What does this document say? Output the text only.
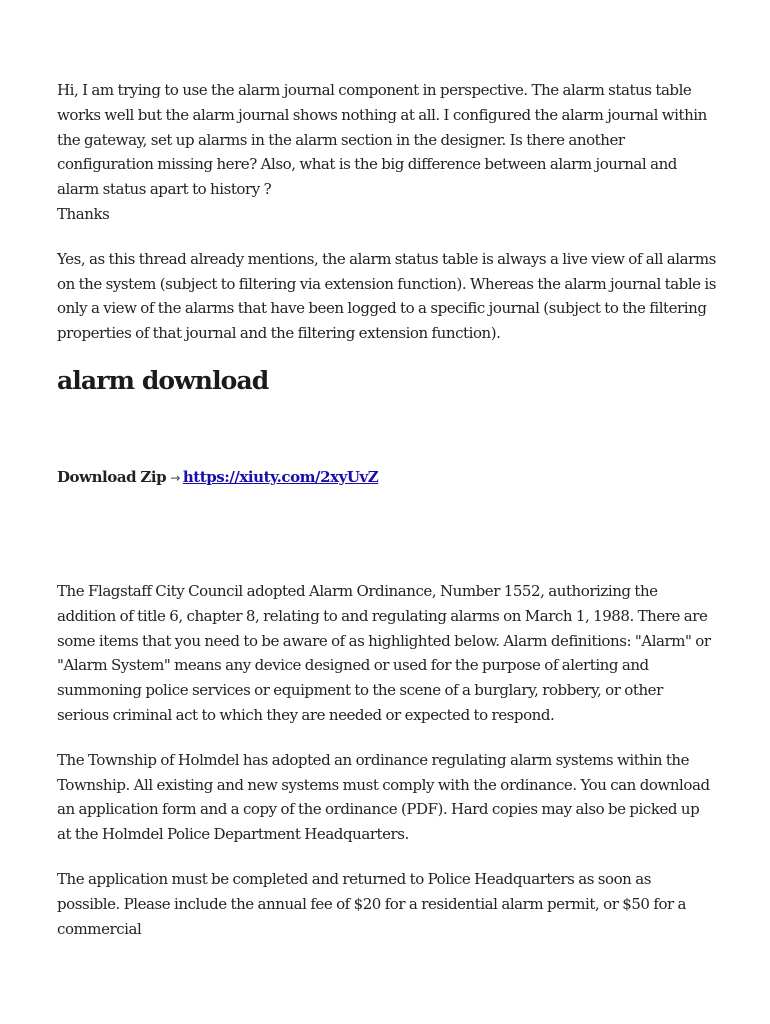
Hi, I am trying to use the alarm journal component in perspective. The alarm status table works well but the alarm journal shows nothing at all. I configured the alarm journal within the gateway, set up alarms in the alarm section in the designer. Is there another configuration missing here? Also, what is the big difference between alarm journal and alarm status apart to history ?
Thanks

Yes, as this thread already mentions, the alarm status table is always a live view of all alarms on the system (subject to filtering via extension function). Whereas the alarm journal table is only a view of the alarms that have been logged to a specific journal (subject to the filtering properties of that journal and the filtering extension function).

alarm download
Download Zip → https://xiuty.com/2xyUvZ

The Flagstaff City Council adopted Alarm Ordinance, Number 1552, authorizing the addition of title 6, chapter 8, relating to and regulating alarms on March 1, 1988. There are some items that you need to be aware of as highlighted below. Alarm definitions: "Alarm" or "Alarm System" means any device designed or used for the purpose of alerting and summoning police services or equipment to the scene of a burglary, robbery, or other serious criminal act to which they are needed or expected to respond.

The Township of Holmdel has adopted an ordinance regulating alarm systems within the Township. All existing and new systems must comply with the ordinance. You can download an application form and a copy of the ordinance (PDF). Hard copies may also be picked up at the Holmdel Police Department Headquarters.

The application must be completed and returned to Police Headquarters as soon as possible. Please include the annual fee of $20 for a residential alarm permit, or $50 for a commercial
